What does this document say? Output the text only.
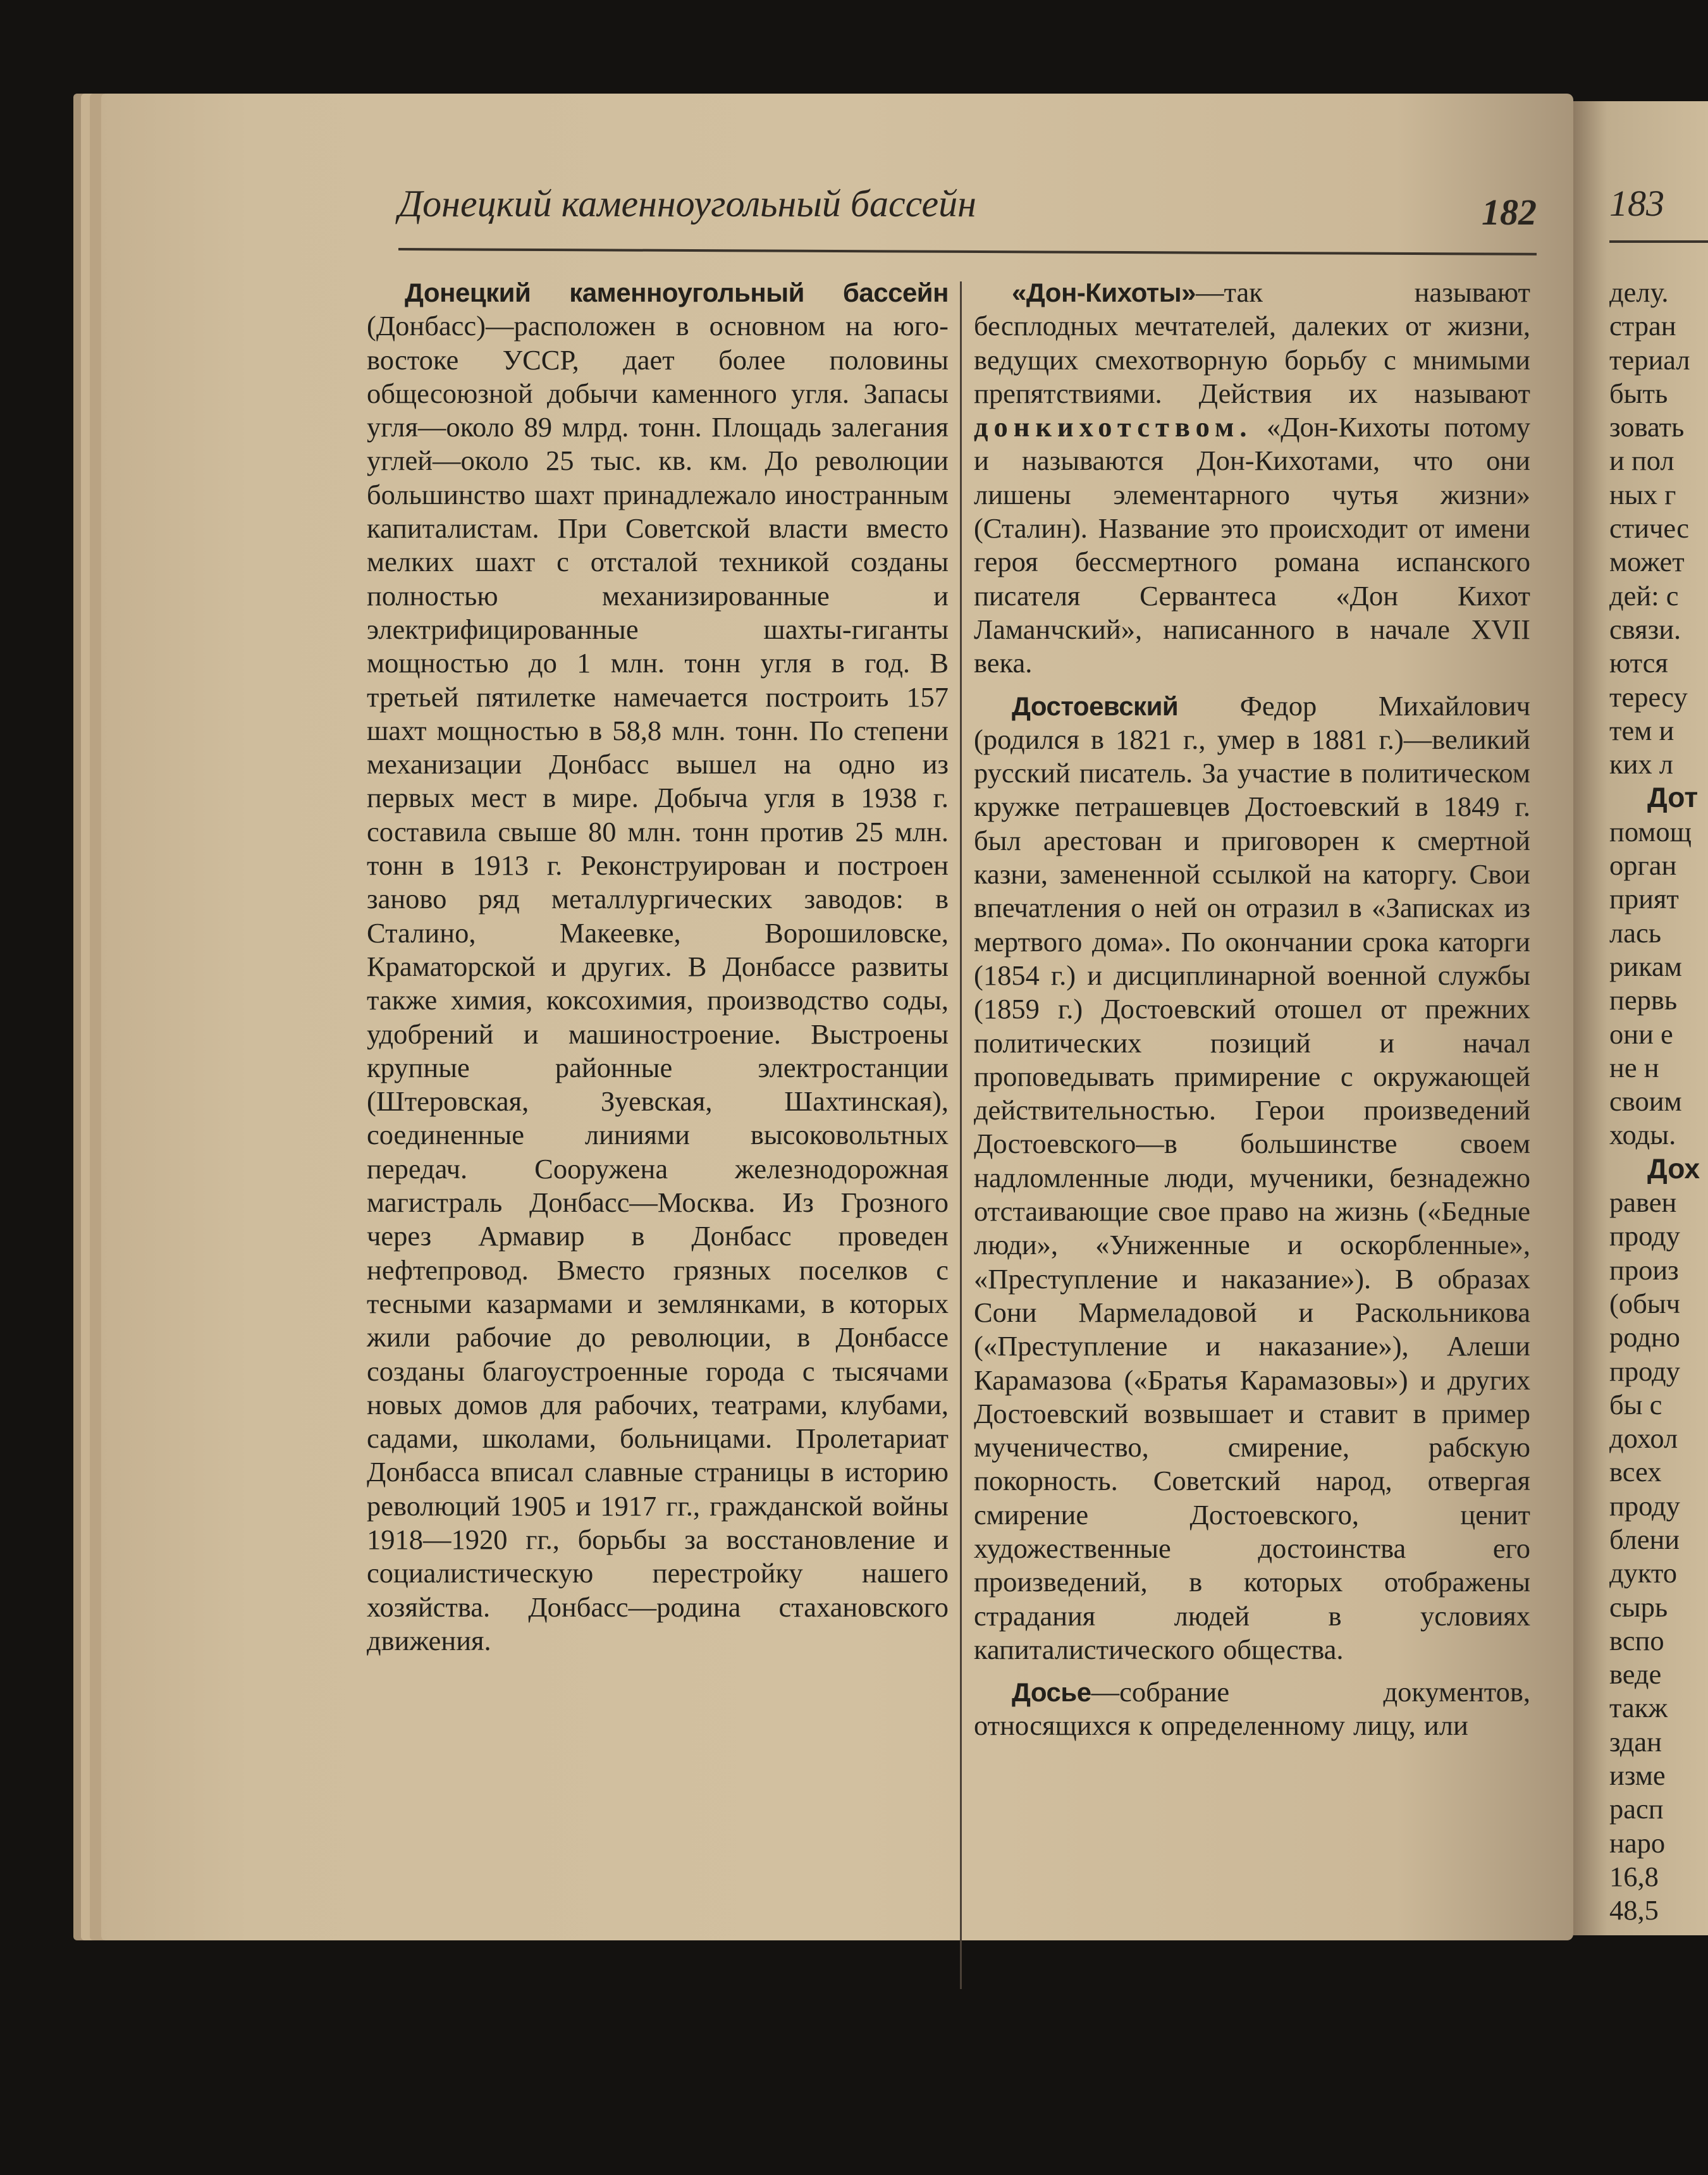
Донецкий каменноугольный бассейн	182 183

Донецкий каменноугольный бассейн (Донбасс)—расположен в основном на юго-востоке УССР, дает более половины общесоюзной добычи каменного угля. Запасы угля—около 89 млрд. тонн. Площадь залегания углей—около 25 тыс. кв. км. До революции большинство шахт принадлежало иностранным капиталистам. При Советской власти вместо мелких шахт с отсталой техникой созданы полностью механизированные и электрифицированные шахты-гиганты мощностью до 1 млн. тонн угля в год. В третьей пятилетке намечается построить 157 шахт мощностью в 58,8 млн. тонн. По степени механизации Донбасс вышел на одно из первых мест в мире. Добыча угля в 1938 г. составила свыше 80 млн. тонн против 25 млн. тонн в 1913 г. Реконструирован и построен заново ряд металлургических заводов: в Сталино, Макеевке, Ворошиловске, Краматорской и других. В Донбассе развиты также химия, коксохимия, производство соды, удобрений и машиностроение. Выстроены крупные районные электростанции (Штеровская, Зуевская, Шахтинская), соединенные линиями высоковольтных передач. Сооружена железнодорожная магистраль Донбасс—Москва. Из Грозного через Армавир в Донбасс проведен нефтепровод. Вместо грязных поселков с тесными казармами и землянками, в которых жили рабочие до революции, в Донбассе созданы благоустроенные города с тысячами новых домов для рабочих, театрами, клубами, садами, школами, больницами. Пролетариат Донбасса вписал славные страницы в историю революций 1905 и 1917 гг., гражданской войны 1918—1920 гг., борьбы за восстановление и социалистическую перестройку нашего хозяйства. Донбасс—родина стахановского движения.

«Дон-Кихоты»—так называют бесплодных мечтателей, далеких от жизни, ведущих смехотворную борьбу с мнимыми препятствиями. Действия их называют донкихотством. «Дон-Кихоты потому и называются Дон-Кихотами, что они лишены элементарного чутья жизни» (Сталин). Название это происходит от имени героя бессмертного романа испанского писателя Сервантеса «Дон Кихот Ламанчский», написанного в начале XVII века.

Достоевский Федор Михайлович (родился в 1821 г., умер в 1881 г.)—великий русский писатель. За участие в политическом кружке петрашевцев Достоевский в 1849 г. был арестован и приговорен к смертной казни, замененной ссылкой на каторгу. Свои впечатления о ней он отразил в «Записках из мертвого дома». По окончании срока каторги (1854 г.) и дисциплинарной военной службы (1859 г.) Достоевский отошел от прежних политических позиций и начал проповедывать примирение с окружающей действительностью. Герои произведений Достоевского—в большинстве своем надломленные люди, мученики, безнадежно отстаивающие свое право на жизнь («Бедные люди», «Униженные и оскорбленные», «Преступление и наказание»). В образах Сони Мармеладовой и Раскольникова («Преступление и наказание»), Алеши Карамазова («Братья Карамазовы») и других Достоевский возвышает и ставит в пример мученичество, смирение, рабскую покорность. Советский народ, отвергая смирение Достоевского, ценит художественные достоинства его произведений, в которых отображены страдания людей в условиях капиталистического общества.

Досье—собрание документов, относящихся к определенному лицу, или

делу.
стран
териал
быть
зовать
и пол
ных г
стичес
может
дей: с
связи.
ются
тересу
тем и
ких л
Дот
помощ
орган
прият
лась
рикам
первь
они е
не н
своим
ходы.
Дох
равен
проду
произ
(обыч
родно
проду
бы с
дохол
всех
проду
блени
дукто
сырь
вспо
веде
такж
здан
изме
расп
наро
16,8
48,5
